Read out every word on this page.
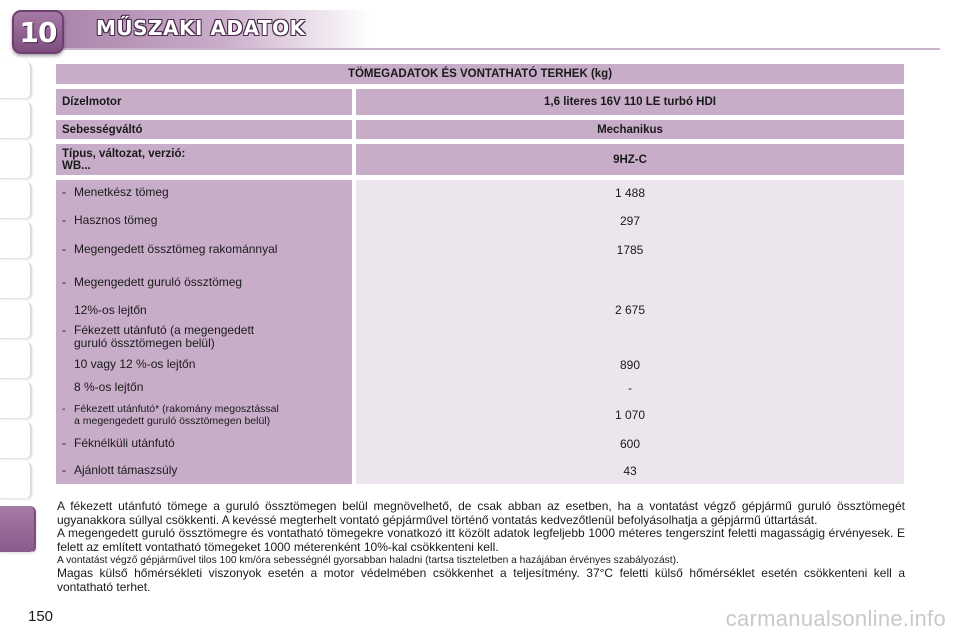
10 MŰSZAKI ADATOK
TÖMEGADATOK ÉS VONTATHATÓ TERHEK (kg)
Dízelmotor	1,6 literes 16V 110 LE turbó HDI
Sebességváltó	Mechanikus
Típus, változat, verzió:
WB...	9HZ-C
- Menetkész tömeg	1 488
- Hasznos tömeg	297
- Megengedett össztömeg rakománnyal	1785
- Megengedett guruló össztömeg
12%-os lejtőn	2 675
- Fékezett utánfutó (a megengedett
guruló össztömegen belül)
10 vagy 12 %-os lejtőn	890
8 %-os lejtőn	-
- Fékezett utánfutó* (rakomány megosztással
a megengedett guruló össztömegen belül)	1 070
- Féknélküli utánfutó	600
- Ajánlott támaszsúly	43

A fékezett utánfutó tömege a guruló össztömegen belül megnövelhető, de csak abban az esetben, ha a vontatást végző gépjármű guruló össztömegét ugyanakkora súllyal csökkenti. A kevéssé megterhelt vontató gépjárművel történő vontatás kedvezőtlenül befolyásolhatja a gépjármű úttartását.

A megengedett guruló össztömegre és vontatható tömegekre vonatkozó itt közölt adatok legfeljebb 1000 méteres tengerszint feletti magasságig érvényesek. E felett az említett vontatható tömegeket 1000 méterenként 10%-kal csökkenteni kell.

A vontatást végző gépjárművel tilos 100 km/óra sebességnél gyorsabban haladni (tartsa tiszteletben a hazájában érvényes szabályozást).

Magas külső hőmérsékleti viszonyok esetén a motor védelmében csökkenhet a teljesítmény. 37°C feletti külső hőmérséklet esetén csökkenteni kell a vontatható terhet.

150	carmanualsonline.info
